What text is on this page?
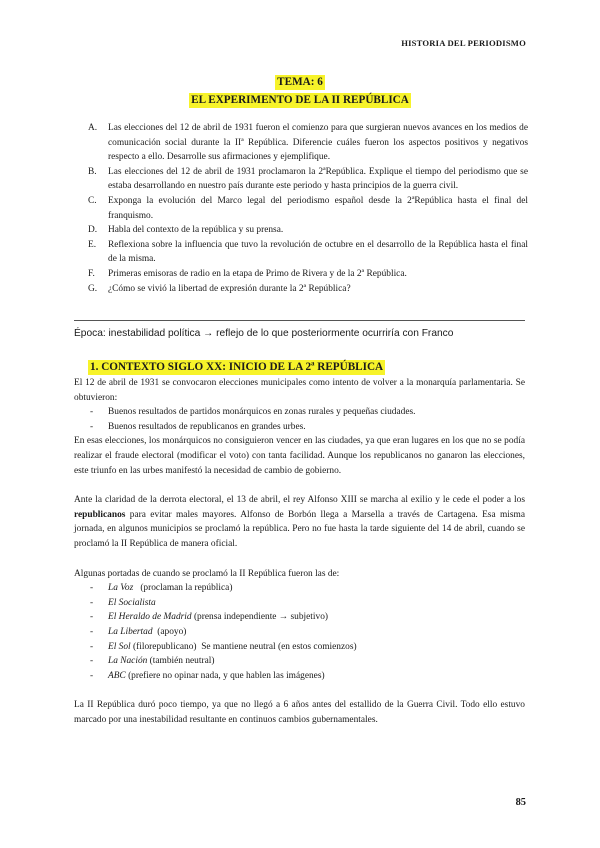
HISTORIA DEL PERIODISMO
TEMA: 6
EL EXPERIMENTO DE LA II REPÚBLICA
A. Las elecciones del 12 de abril de 1931 fueron el comienzo para que surgieran nuevos avances en los medios de comunicación social durante la IIª República. Diferencie cuáles fueron los aspectos positivos y negativos respecto a ello. Desarrolle sus afirmaciones y ejemplifique.
B. Las elecciones del 12 de abril de 1931 proclamaron la 2ªRepública. Explique el tiempo del periodismo que se estaba desarrollando en nuestro país durante este periodo y hasta principios de la guerra civil.
C. Exponga la evolución del Marco legal del periodismo español desde la 2ªRepública hasta el final del franquismo.
D. Habla del contexto de la república y su prensa.
E. Reflexiona sobre la influencia que tuvo la revolución de octubre en el desarrollo de la República hasta el final de la misma.
F. Primeras emisoras de radio en la etapa de Primo de Rivera y de la 2ª República.
G. ¿Cómo se vivió la libertad de expresión durante la 2ª República?
Época: inestabilidad política → reflejo de lo que posteriormente ocurriría con Franco
1. CONTEXTO SIGLO XX: INICIO DE LA 2ª REPÚBLICA

El 12 de abril de 1931 se convocaron elecciones municipales como intento de volver a la monarquía parlamentaria. Se obtuvieron:

- Buenos resultados de partidos monárquicos en zonas rurales y pequeñas ciudades.
- Buenos resultados de republicanos en grandes urbes.

En esas elecciones, los monárquicos no consiguieron vencer en las ciudades, ya que eran lugares en los que no se podía realizar el fraude electoral (modificar el voto) con tanta facilidad. Aunque los republicanos no ganaron las elecciones, este triunfo en las urbes manifestó la necesidad de cambio de gobierno.

Ante la claridad de la derrota electoral, el 13 de abril, el rey Alfonso XIII se marcha al exilio y le cede el poder a los republicanos para evitar males mayores. Alfonso de Borbón llega a Marsella a través de Cartagena. Esa misma jornada, en algunos municipios se proclamó la república. Pero no fue hasta la tarde siguiente del 14 de abril, cuando se proclamó la II República de manera oficial.

Algunas portadas de cuando se proclamó la II República fueron las de:

- La Voz   (proclaman la república)
- El Socialista
- El Heraldo de Madrid (prensa independiente → subjetivo)
- La Libertad  (apoyo)
- El Sol (filorepublicano)  Se mantiene neutral (en estos comienzos)
- La Nación (también neutral)
- ABC (prefiere no opinar nada, y que hablen las imágenes)

La II República duró poco tiempo, ya que no llegó a 6 años antes del estallido de la Guerra Civil. Todo ello estuvo marcado por una inestabilidad resultante en continuos cambios gubernamentales.

85
